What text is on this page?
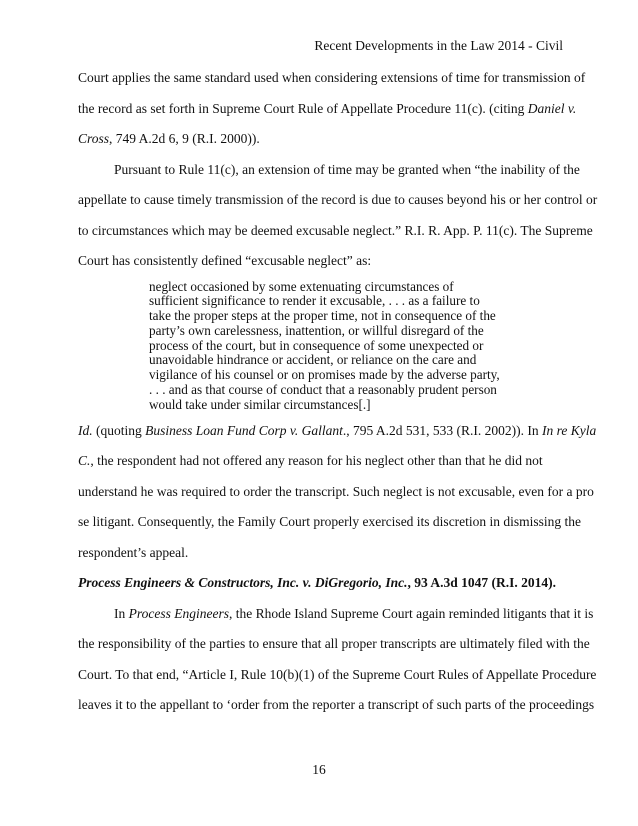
Recent Developments in the Law 2014 - Civil
Court applies the same standard used when considering extensions of time for transmission of
the record as set forth in Supreme Court Rule of Appellate Procedure 11(c). (citing Daniel v.
Cross, 749 A.2d 6, 9 (R.I. 2000)).
Pursuant to Rule 11(c), an extension of time may be granted when “the inability of the
appellate to cause timely transmission of the record is due to causes beyond his or her control or
to circumstances which may be deemed excusable neglect.” R.I. R. App. P. 11(c). The Supreme
Court has consistently defined “excusable neglect” as:
neglect occasioned by some extenuating circumstances of
sufficient significance to render it excusable, . . . as a failure to
take the proper steps at the proper time, not in consequence of the
party’s own carelessness, inattention, or willful disregard of the
process of the court, but in consequence of some unexpected or
unavoidable hindrance or accident, or reliance on the care and
vigilance of his counsel or on promises made by the adverse party,
. . . and as that course of conduct that a reasonably prudent person
would take under similar circumstances[.]
Id. (quoting Business Loan Fund Corp v. Gallant., 795 A.2d 531, 533 (R.I. 2002)). In In re Kyla
C., the respondent had not offered any reason for his neglect other than that he did not
understand he was required to order the transcript. Such neglect is not excusable, even for a pro
se litigant. Consequently, the Family Court properly exercised its discretion in dismissing the
respondent’s appeal.
Process Engineers & Constructors, Inc. v. DiGregorio, Inc., 93 A.3d 1047 (R.I. 2014).
In Process Engineers, the Rhode Island Supreme Court again reminded litigants that it is
the responsibility of the parties to ensure that all proper transcripts are ultimately filed with the
Court. To that end, “Article I, Rule 10(b)(1) of the Supreme Court Rules of Appellate Procedure
leaves it to the appellant to ‘order from the reporter a transcript of such parts of the proceedings
16
